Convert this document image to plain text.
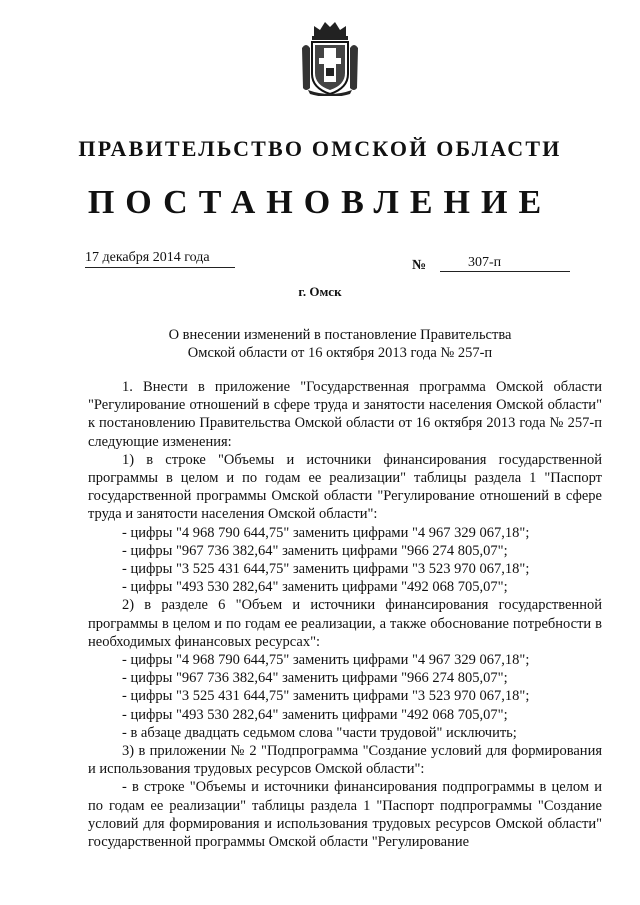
ПРАВИТЕЛЬСТВО ОМСКОЙ ОБЛАСТИ
ПОСТАНОВЛЕНИЕ
17 декабря 2014 года
№	307-п
г. Омск
О внесении изменений в постановление Правительства
Омской области от 16 октября 2013 года № 257-п

1. Внести в приложение "Государственная программа Омской области "Регулирование отношений в сфере труда и занятости населения Омской области" к постановлению Правительства Омской области от 16 октября 2013 года № 257-п следующие изменения:

1) в строке "Объемы и источники финансирования государственной программы в целом и по годам ее реализации" таблицы раздела 1 "Паспорт государственной программы Омской области "Регулирование отношений в сфере труда и занятости населения Омской области":

- цифры "4 968 790 644,75" заменить цифрами "4 967 329 067,18";

- цифры "967 736 382,64" заменить цифрами "966 274 805,07";

- цифры "3 525 431 644,75" заменить цифрами "3 523 970 067,18";

- цифры "493 530 282,64" заменить цифрами "492 068 705,07";

2) в разделе 6 "Объем и источники финансирования государственной программы в целом и по годам ее реализации, а также обоснование потребности в необходимых финансовых ресурсах":

- цифры "4 968 790 644,75" заменить цифрами "4 967 329 067,18";

- цифры "967 736 382,64" заменить цифрами "966 274 805,07";

- цифры "3 525 431 644,75" заменить цифрами "3 523 970 067,18";

- цифры "493 530 282,64" заменить цифрами "492 068 705,07";

- в абзаце двадцать седьмом слова "части трудовой" исключить;

3) в приложении № 2 "Подпрограмма "Создание условий для формирования и использования трудовых ресурсов Омской области":

- в строке "Объемы и источники финансирования подпрограммы в целом и по годам ее реализации" таблицы раздела 1 "Паспорт подпрограммы "Создание условий для формирования и использования трудовых ресурсов Омской области" государственной программы Омской области "Регулирование
